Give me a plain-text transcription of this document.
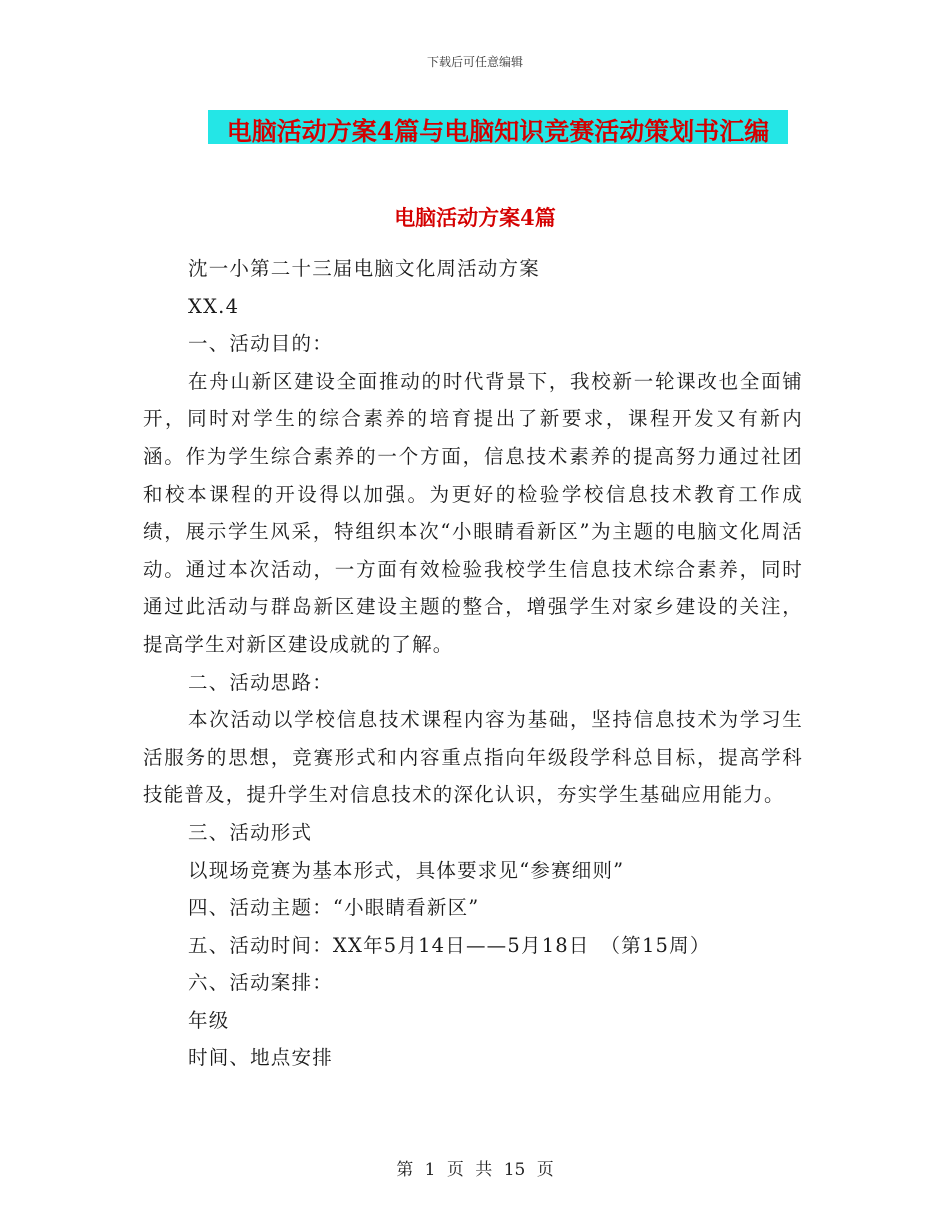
下载后可任意编辑
电脑活动方案4篇与电脑知识竞赛活动策划书汇编
电脑活动方案4篇

沈一小第二十三届电脑文化周活动方案

XX.4

一、活动目的：

在舟山新区建设全面推动的时代背景下，我校新一轮课改也全面铺开，同时对学生的综合素养的培育提出了新要求，课程开发又有新内涵。作为学生综合素养的一个方面，信息技术素养的提高努力通过社团和校本课程的开设得以加强。为更好的检验学校信息技术教育工作成绩，展示学生风采，特组织本次“小眼睛看新区”为主题的电脑文化周活动。通过本次活动，一方面有效检验我校学生信息技术综合素养，同时通过此活动与群岛新区建设主题的整合，增强学生对家乡建设的关注，提高学生对新区建设成就的了解。

二、活动思路：

本次活动以学校信息技术课程内容为基础，坚持信息技术为学习生活服务的思想，竞赛形式和内容重点指向年级段学科总目标，提高学科技能普及，提升学生对信息技术的深化认识，夯实学生基础应用能力。

三、活动形式

以现场竞赛为基本形式，具体要求见“参赛细则”

四、活动主题：“小眼睛看新区”

五、活动时间：XX年5月14日——5月18日　（第15周）

六、活动案排：

年级

时间、地点安排

第 1 页 共 15 页
